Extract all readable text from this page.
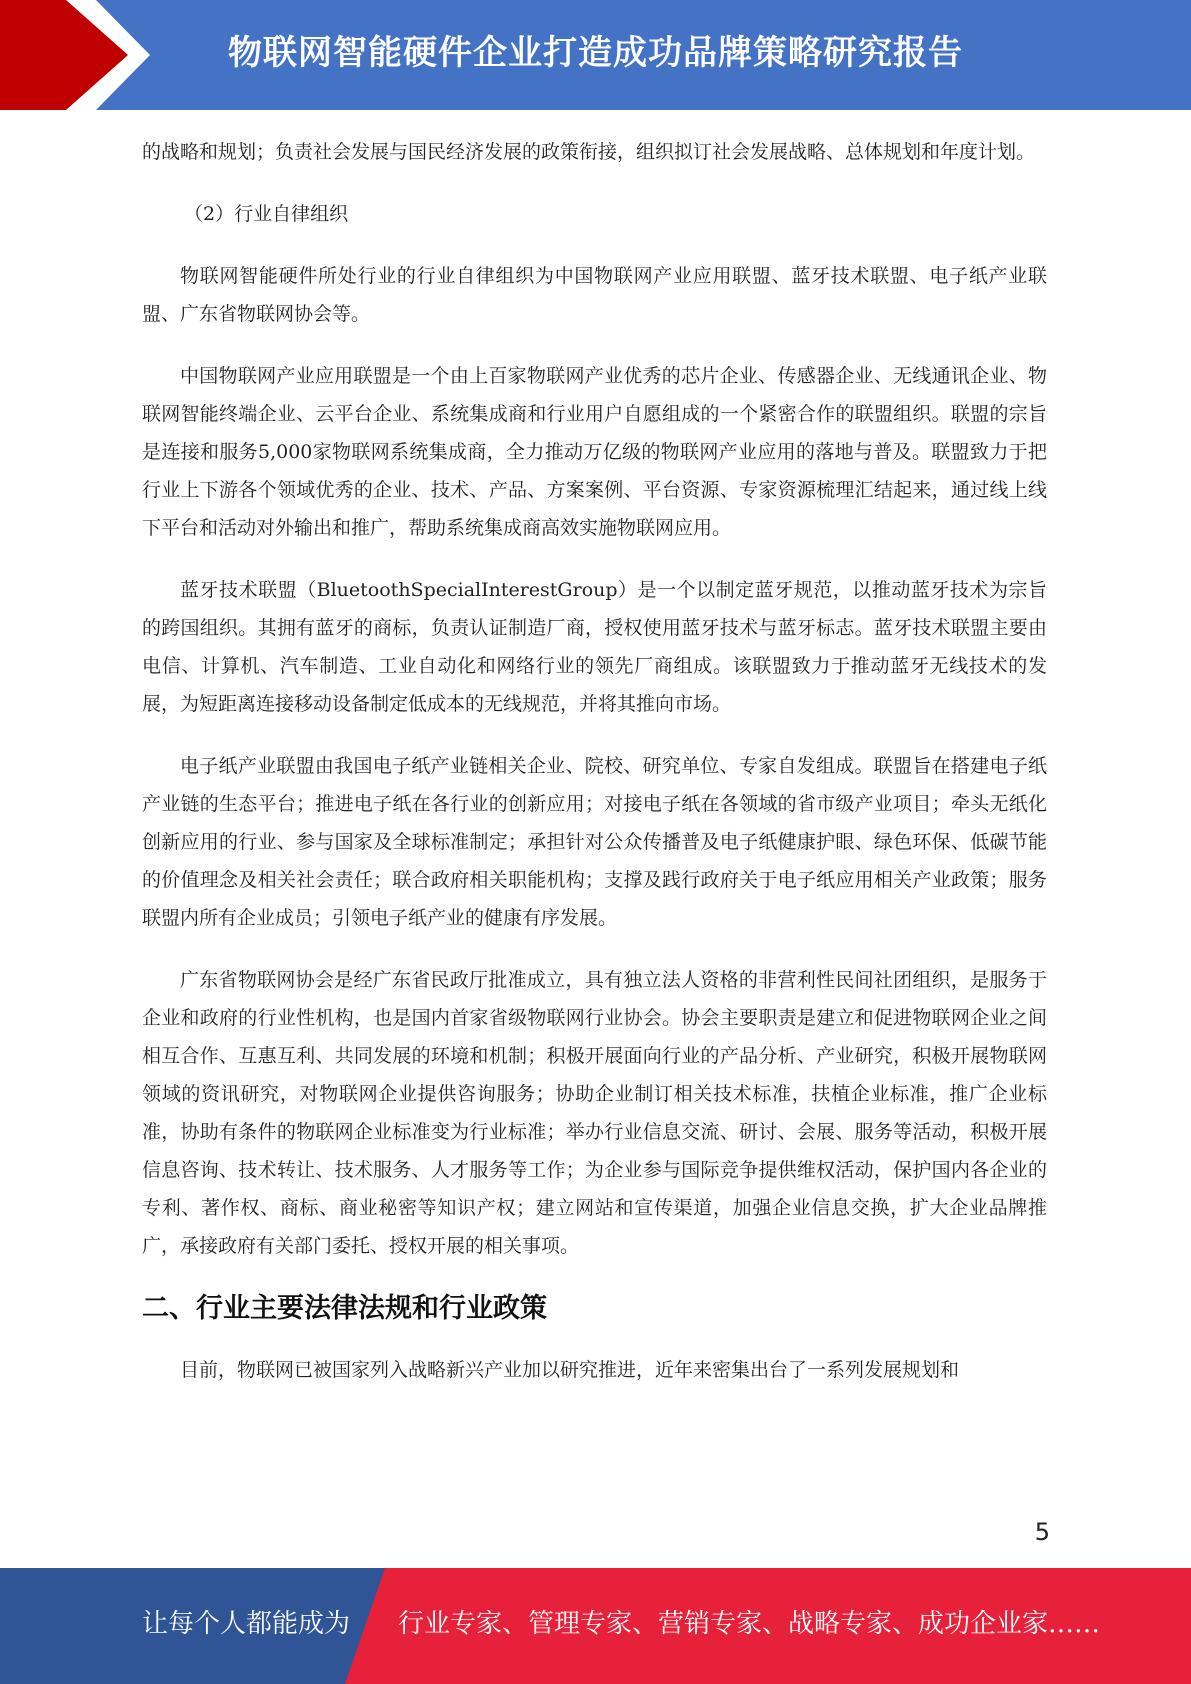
物联网智能硬件企业打造成功品牌策略研究报告

的战略和规划；负责社会发展与国民经济发展的政策衔接，组织拟订社会发展战略、总体规划和年度计划。

（2）行业自律组织

物联网智能硬件所处行业的行业自律组织为中国物联网产业应用联盟、蓝牙技术联盟、电子纸产业联盟、广东省物联网协会等。

中国物联网产业应用联盟是一个由上百家物联网产业优秀的芯片企业、传感器企业、无线通讯企业、物联网智能终端企业、云平台企业、系统集成商和行业用户自愿组成的一个紧密合作的联盟组织。联盟的宗旨是连接和服务5,000家物联网系统集成商，全力推动万亿级的物联网产业应用的落地与普及。联盟致力于把行业上下游各个领域优秀的企业、技术、产品、方案案例、平台资源、专家资源梳理汇结起来，通过线上线下平台和活动对外输出和推广，帮助系统集成商高效实施物联网应用。

蓝牙技术联盟（BluetoothSpecialInterestGroup）是一个以制定蓝牙规范，以推动蓝牙技术为宗旨的跨国组织。其拥有蓝牙的商标，负责认证制造厂商，授权使用蓝牙技术与蓝牙标志。蓝牙技术联盟主要由电信、计算机、汽车制造、工业自动化和网络行业的领先厂商组成。该联盟致力于推动蓝牙无线技术的发展，为短距离连接移动设备制定低成本的无线规范，并将其推向市场。

电子纸产业联盟由我国电子纸产业链相关企业、院校、研究单位、专家自发组成。联盟旨在搭建电子纸产业链的生态平台；推进电子纸在各行业的创新应用；对接电子纸在各领域的省市级产业项目；牵头无纸化创新应用的行业、参与国家及全球标准制定；承担针对公众传播普及电子纸健康护眼、绿色环保、低碳节能的价值理念及相关社会责任；联合政府相关职能机构；支撑及践行政府关于电子纸应用相关产业政策；服务联盟内所有企业成员；引领电子纸产业的健康有序发展。

广东省物联网协会是经广东省民政厅批准成立，具有独立法人资格的非营利性民间社团组织，是服务于企业和政府的行业性机构，也是国内首家省级物联网行业协会。协会主要职责是建立和促进物联网企业之间相互合作、互惠互利、共同发展的环境和机制；积极开展面向行业的产品分析、产业研究，积极开展物联网领域的资讯研究，对物联网企业提供咨询服务；协助企业制订相关技术标准，扶植企业标准，推广企业标准，协助有条件的物联网企业标准变为行业标准；举办行业信息交流、研讨、会展、服务等活动，积极开展信息咨询、技术转让、技术服务、人才服务等工作；为企业参与国际竞争提供维权活动，保护国内各企业的专利、著作权、商标、商业秘密等知识产权；建立网站和宣传渠道，加强企业信息交换，扩大企业品牌推广，承接政府有关部门委托、授权开展的相关事项。

二、行业主要法律法规和行业政策

目前，物联网已被国家列入战略新兴产业加以研究推进，近年来密集出台了一系列发展规划和

5
让每个人都能成为 行业专家、管理专家、营销专家、战略专家、成功企业家……
